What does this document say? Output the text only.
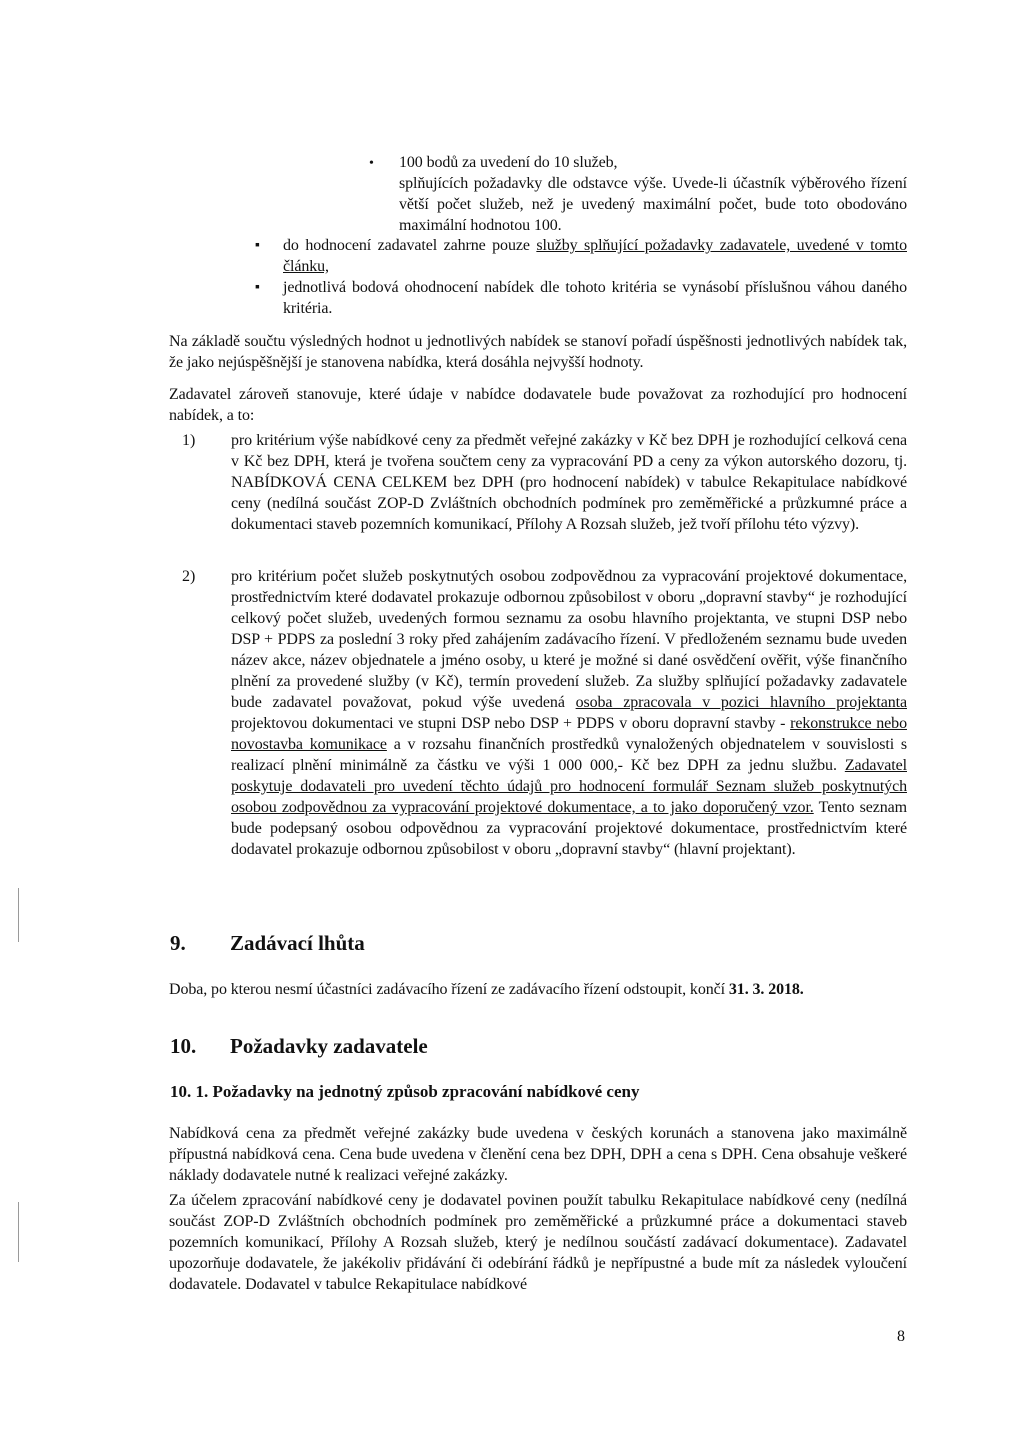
• 100 bodů za uvedení do 10 služeb,
splňujících požadavky dle odstavce výše. Uvede-li účastník výběrového řízení větší počet služeb, než je uvedený maximální počet, bude toto obodováno maximální hodnotou 100.
▪ do hodnocení zadavatel zahrne pouze služby splňující požadavky zadavatele, uvedené v tomto článku,
▪ jednotlivá bodová ohodnocení nabídek dle tohoto kritéria se vynásobí příslušnou váhou daného kritéria.
Na základě součtu výsledných hodnot u jednotlivých nabídek se stanoví pořadí úspěšnosti jednotlivých nabídek tak, že jako nejúspěšnější je stanovena nabídka, která dosáhla nejvyšší hodnoty.
Zadavatel zároveň stanovuje, které údaje v nabídce dodavatele bude považovat za rozhodující pro hodnocení nabídek, a to:
1) pro kritérium výše nabídkové ceny za předmět veřejné zakázky v Kč bez DPH je rozhodující celková cena v Kč bez DPH, která je tvořena součtem ceny za vypracování PD a ceny za výkon autorského dozoru, tj. NABÍDKOVÁ CENA CELKEM bez DPH (pro hodnocení nabídek) v tabulce Rekapitulace nabídkové ceny (nedílná součást ZOP-D Zvláštních obchodních podmínek pro zeměměřické a průzkumné práce a dokumentaci staveb pozemních komunikací, Přílohy A Rozsah služeb, jež tvoří přílohu této výzvy).
2) pro kritérium počet služeb poskytnutých osobou zodpovědnou za vypracování projektové dokumentace, prostřednictvím které dodavatel prokazuje odbornou způsobilost v oboru „dopravní stavby“ je rozhodující celkový počet služeb, uvedených formou seznamu za osobu hlavního projektanta, ve stupni DSP nebo DSP + PDPS za poslední 3 roky před zahájením zadávacího řízení. V předloženém seznamu bude uveden název akce, název objednatele a jméno osoby, u které je možné si dané osvědčení ověřit, výše finančního plnění za provedené služby (v Kč), termín provedení služeb. Za služby splňující požadavky zadavatele bude zadavatel považovat, pokud výše uvedená osoba zpracovala v pozici hlavního projektanta projektovou dokumentaci ve stupni DSP nebo DSP + PDPS v oboru dopravní stavby - rekonstrukce nebo novostavba komunikace a v rozsahu finančních prostředků vynaložených objednatelem v souvislosti s realizací plnění minimálně za částku ve výši 1 000 000,- Kč bez DPH za jednu službu. Zadavatel poskytuje dodavateli pro uvedení těchto údajů pro hodnocení formulář Seznam služeb poskytnutých osobou zodpovědnou za vypracování projektové dokumentace, a to jako doporučený vzor. Tento seznam bude podepsaný osobou odpovědnou za vypracování projektové dokumentace, prostřednictvím které dodavatel prokazuje odbornou způsobilost v oboru „dopravní stavby“ (hlavní projektant).
9. Zadávací lhůta
Doba, po kterou nesmí účastníci zadávacího řízení ze zadávacího řízení odstoupit, končí 31. 3. 2018.
10. Požadavky zadavatele
10. 1. Požadavky na jednotný způsob zpracování nabídkové ceny
Nabídková cena za předmět veřejné zakázky bude uvedena v českých korunách a stanovena jako maximálně přípustná nabídková cena. Cena bude uvedena v členění cena bez DPH, DPH a cena s DPH. Cena obsahuje veškeré náklady dodavatele nutné k realizaci veřejné zakázky.
Za účelem zpracování nabídkové ceny je dodavatel povinen použít tabulku Rekapitulace nabídkové ceny (nedílná součást ZOP-D Zvláštních obchodních podmínek pro zeměměřické a průzkumné práce a dokumentaci staveb pozemních komunikací, Přílohy A Rozsah služeb, který je nedílnou součástí zadávací dokumentace). Zadavatel upozorňuje dodavatele, že jakékoliv přidávání či odebírání řádků je nepřípustné a bude mít za následek vyloučení dodavatele. Dodavatel v tabulce Rekapitulace nabídkové
8
